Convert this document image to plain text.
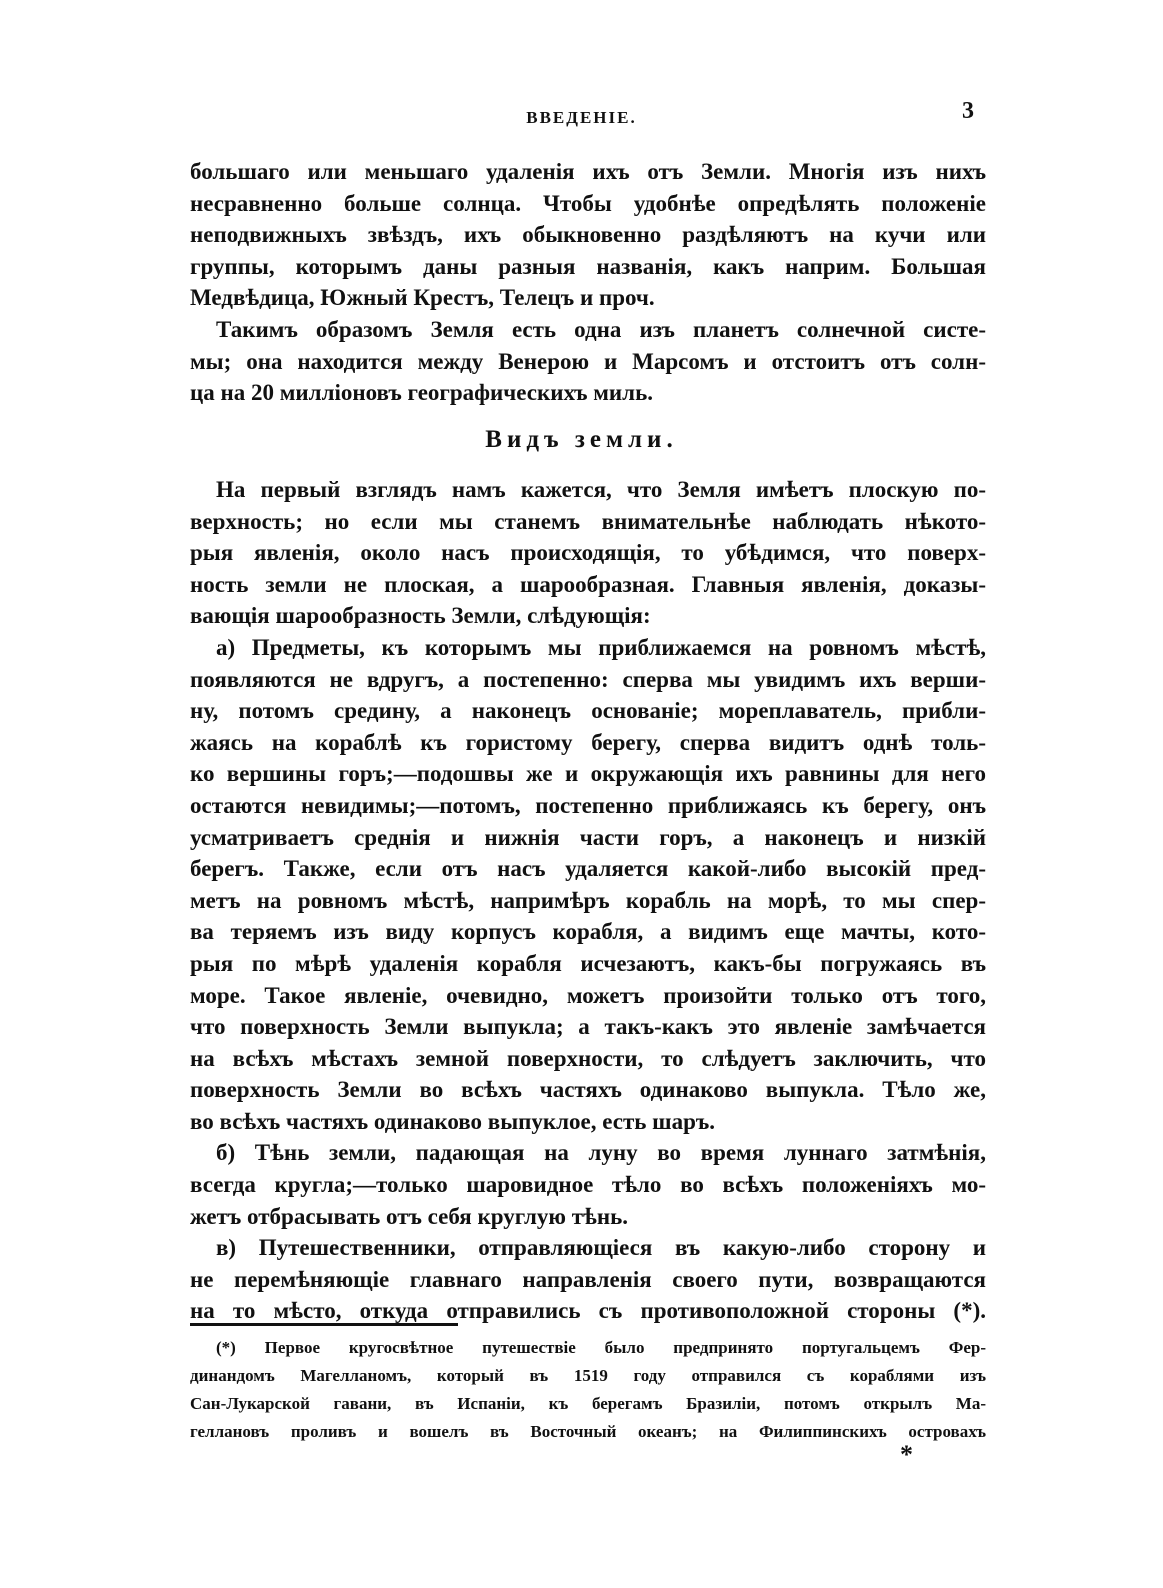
ВВЕДЕНІЕ.	3
большаго или меньшаго удаленія ихъ отъ Земли. Многія изъ нихъ
несравненно больше солнца. Чтобы удобнѣе опредѣлять положеніе
неподвижныхъ звѣздъ, ихъ обыкновенно раздѣляютъ на кучи или
группы, которымъ даны разныя названія, какъ наприм. Большая
Медвѣдица, Южный Крестъ, Телецъ и проч.
Такимъ образомъ Земля есть одна изъ планетъ солнечной систе-
мы; она находится между Венерою и Марсомъ и отстоитъ отъ солн-
ца на 20 милліоновъ географическихъ миль.
Видъ земли.
На первый взглядъ намъ кажется, что Земля имѣетъ плоскую по-
верхность; но если мы станемъ внимательнѣе наблюдать нѣкото-
рыя явленія, около насъ происходящія, то убѣдимся, что поверх-
ность земли не плоская, а шарообразная. Главныя явленія, доказы-
вающія шарообразность Земли, слѣдующія:
а) Предметы, къ которымъ мы приближаемся на ровномъ мѣстѣ,
появляются не вдругъ, а постепенно: сперва мы увидимъ ихъ верши-
ну, потомъ средину, а наконецъ основаніе; мореплаватель, прибли-
жаясь на кораблѣ къ гористому берегу, сперва видитъ однѣ толь-
ко вершины горъ;—подошвы же и окружающія ихъ равнины для него
остаются невидимы;—потомъ, постепенно приближаясь къ берегу, онъ
усматриваетъ среднія и нижнія части горъ, а наконецъ и низкій
берегъ. Также, если отъ насъ удаляется какой-либо высокій пред-
метъ на ровномъ мѣстѣ, напримѣръ корабль на морѣ, то мы спер-
ва теряемъ изъ виду корпусъ корабля, а видимъ еще мачты, кото-
рыя по мѣрѣ удаленія корабля исчезаютъ, какъ-бы погружаясь въ
море. Такое явленіе, очевидно, можетъ произойти только отъ того,
что поверхность Земли выпукла; а такъ-какъ это явленіе замѣчается
на всѣхъ мѣстахъ земной поверхности, то слѣдуетъ заключить, что
поверхность Земли во всѣхъ частяхъ одинаково выпукла. Тѣло же,
во всѣхъ частяхъ одинаково выпуклое, есть шаръ.
б) Тѣнь земли, падающая на луну во время луннаго затмѣнія,
всегда кругла;—только шаровидное тѣло во всѣхъ положеніяхъ мо-
жетъ отбрасывать отъ себя круглую тѣнь.
в) Путешественники, отправляющіеся въ какую-либо сторону и
не перемѣняющіе главнаго направленія своего пути, возвращаются
на то мѣсто, откуда отправились съ противоположной стороны (*).
(*) Первое кругосвѣтное путешествіе было предпринято португальцемъ Фер-
динандомъ Магелланомъ, который въ 1519 году отправился съ кораблями изъ
Сан-Лукарской гавани, въ Испаніи, къ берегамъ Бразиліи, потомъ открылъ Ма-
геллановъ проливъ и вошелъ въ Восточный океанъ; на Филиппинскихъ островахъ
*
